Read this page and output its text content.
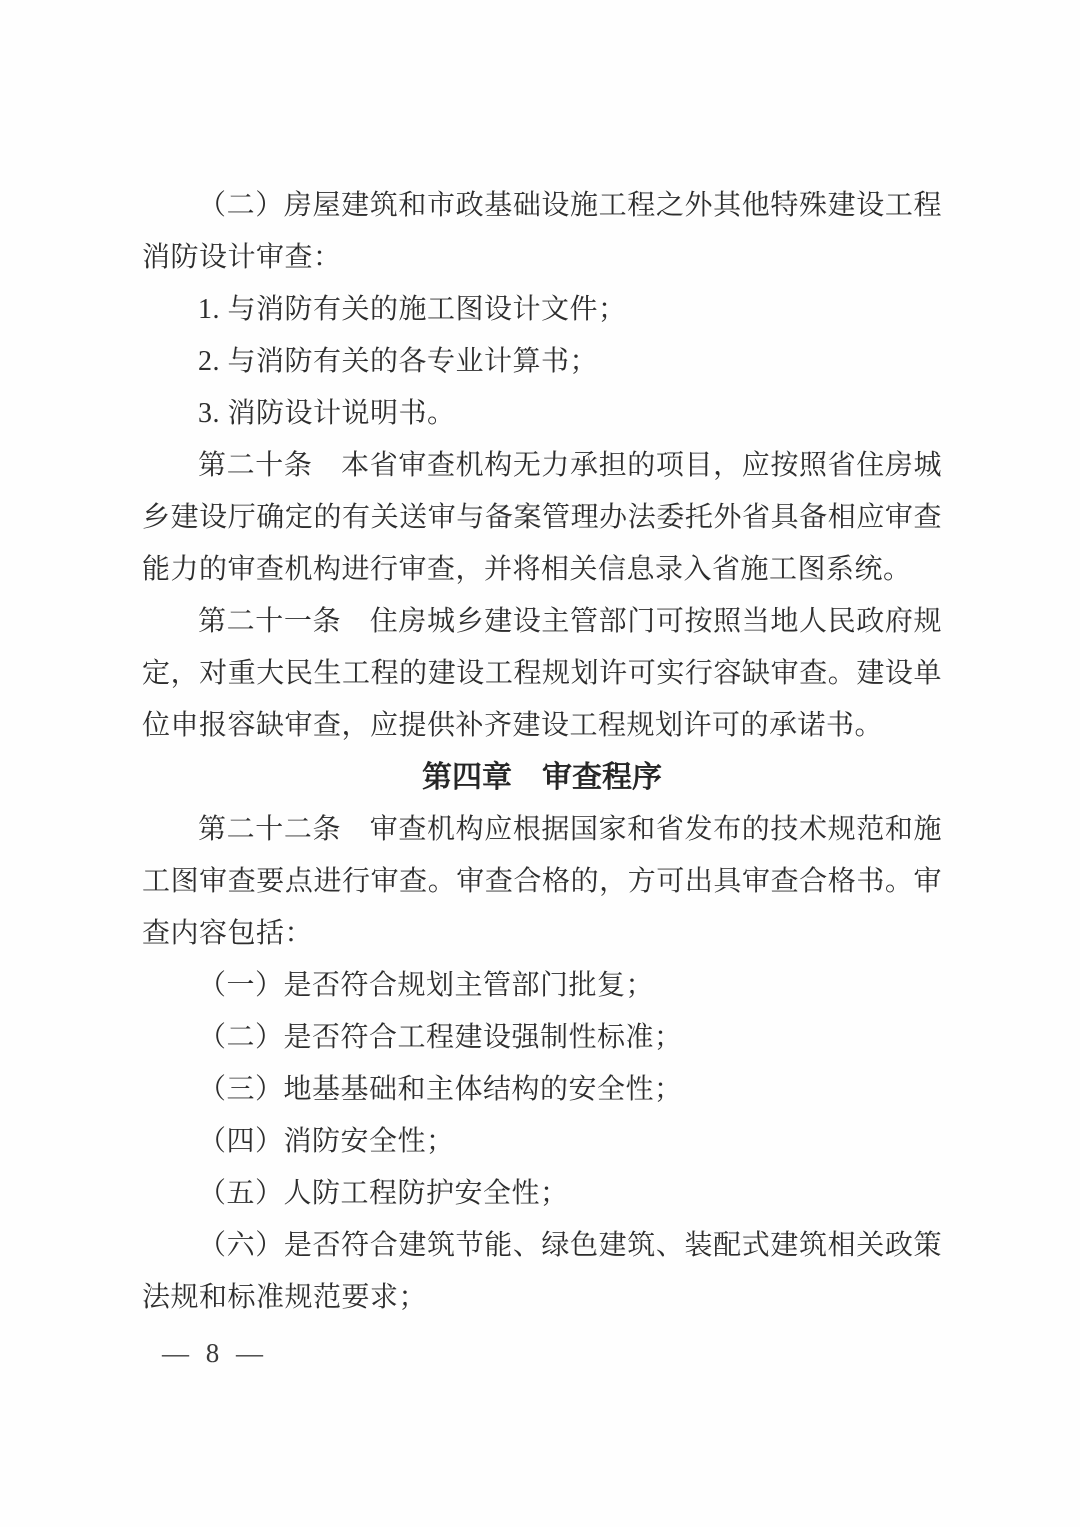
（二）房屋建筑和市政基础设施工程之外其他特殊建设工程消防设计审查：

1. 与消防有关的施工图设计文件；

2. 与消防有关的各专业计算书；

3. 消防设计说明书。

第二十条　本省审查机构无力承担的项目，应按照省住房城乡建设厅确定的有关送审与备案管理办法委托外省具备相应审查能力的审查机构进行审查，并将相关信息录入省施工图系统。

第二十一条　住房城乡建设主管部门可按照当地人民政府规定，对重大民生工程的建设工程规划许可实行容缺审查。建设单位申报容缺审查，应提供补齐建设工程规划许可的承诺书。

第四章　审查程序

第二十二条　审查机构应根据国家和省发布的技术规范和施工图审查要点进行审查。审查合格的，方可出具审查合格书。审查内容包括：

（一）是否符合规划主管部门批复；

（二）是否符合工程建设强制性标准；

（三）地基基础和主体结构的安全性；

（四）消防安全性；

（五）人防工程防护安全性；

（六）是否符合建筑节能、绿色建筑、装配式建筑相关政策法规和标准规范要求；

— 8 —
